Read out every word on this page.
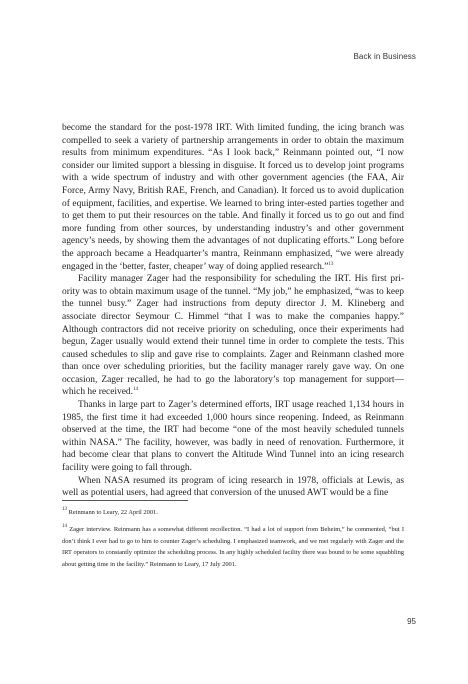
Back in Business

become the standard for the post-1978 IRT. With limited funding, the icing branch was compelled to seek a variety of partnership arrangements in order to obtain the maximum results from minimum expenditures. “As I look back,” Reinmann pointed out, “I now consider our limited support a blessing in disguise. It forced us to develop joint programs with a wide spectrum of industry and with other government agencies (the FAA, Air Force, Army Navy, British RAE, French, and Canadian). It forced us to avoid duplication of equipment, facilities, and expertise. We learned to bring inter-ested parties together and to get them to put their resources on the table. And finally it forced us to go out and find more funding from other sources, by understanding industry’s and other government agency’s needs, by showing them the advantages of not duplicating efforts.” Long before the approach became a Headquarter’s mantra, Reinmann emphasized, “we were already engaged in the ‘better, faster, cheaper’ way of doing applied research.”$^{13}$

Facility manager Zager had the responsibility for scheduling the IRT. His first pri-ority was to obtain maximum usage of the tunnel. “My job,” he emphasized, “was to keep the tunnel busy.” Zager had instructions from deputy director J. M. Klineberg and associate director Seymour C. Himmel “that I was to make the companies happy.” Although contractors did not receive priority on scheduling, once their experiments had begun, Zager usually would extend their tunnel time in order to complete the tests. This caused schedules to slip and gave rise to complaints. Zager and Reinmann clashed more than once over scheduling priorities, but the facility manager rarely gave way. On one occasion, Zager recalled, he had to go the laboratory’s top management for support—which he received.$^{14}$

Thanks in large part to Zager’s determined efforts, IRT usage reached 1,134 hours in 1985, the first time it had exceeded 1,000 hours since reopening. Indeed, as Reinmann observed at the time, the IRT had become “one of the most heavily scheduled tunnels within NASA.” The facility, however, was badly in need of renovation. Furthermore, it had become clear that plans to convert the Altitude Wind Tunnel into an icing research facility were going to fall through.

When NASA resumed its program of icing research in 1978, officials at Lewis, as well as potential users, had agreed that conversion of the unused AWT would be a fine

$^{13}$ Reinmann to Leary, 22 April 2001.

$^{14}$ Zager interview. Reinmann has a somewhat different recollection. “I had a lot of support from Beheim,” he commented, “but I don’t think I ever had to go to him to counter Zager’s scheduling. I emphasized teamwork, and we met regularly with Zager and the IRT operators to constantly optimize the scheduling process. In any highly scheduled facility there was bound to be some squabbling about getting time in the facility.” Reinmann to Leary, 17 July 2001.

95
